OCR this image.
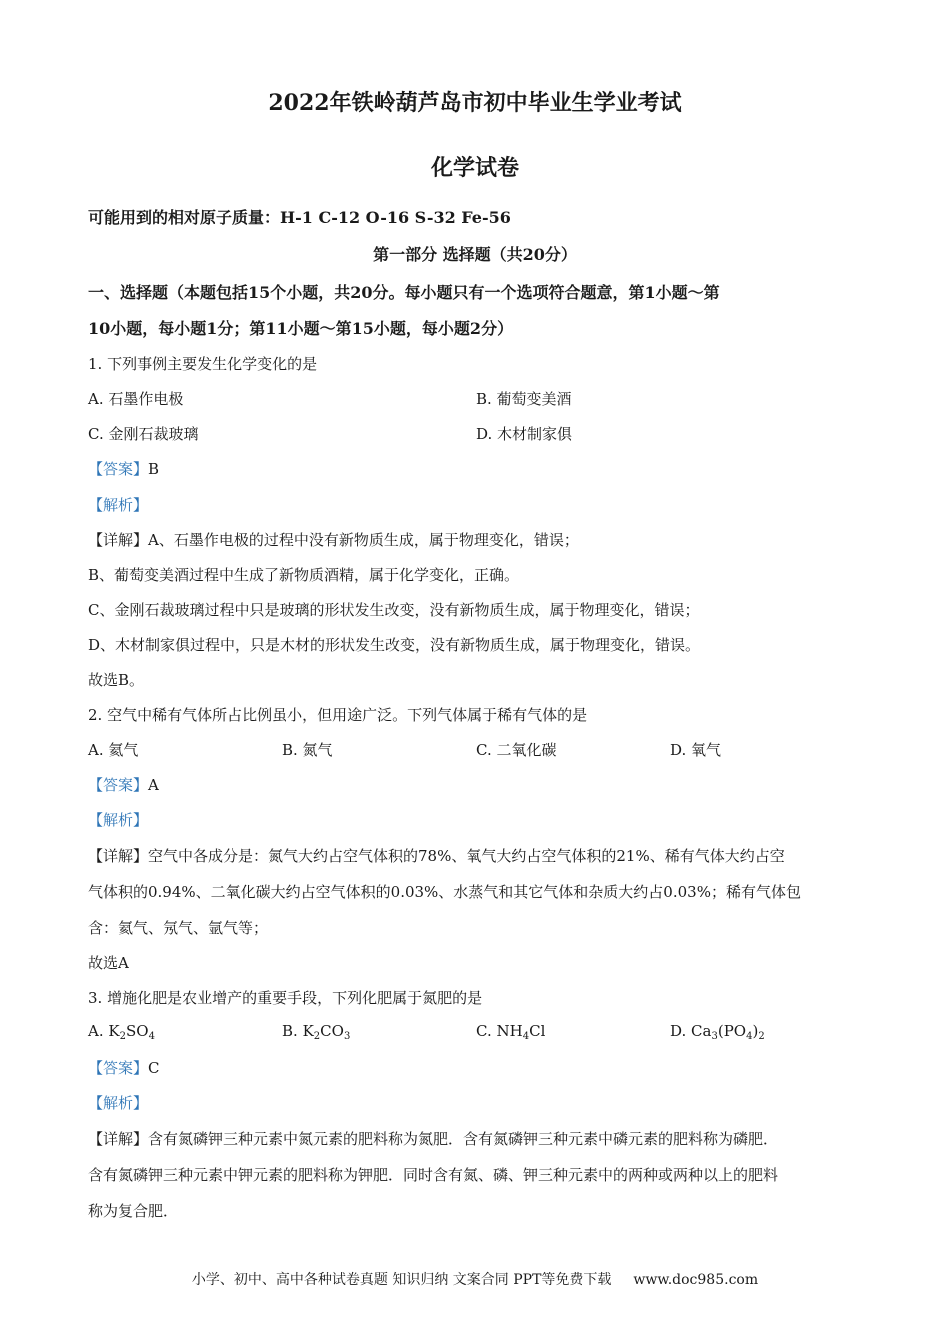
2022年铁岭葫芦岛市初中毕业生学业考试
化学试卷
可能用到的相对原子质量：H-1 C-12 O-16 S-32 Fe-56
第一部分 选择题（共20分）
一、选择题（本题包括15个小题，共20分。每小题只有一个选项符合题意，第1小题～第
10小题，每小题1分；第11小题～第15小题，每小题2分）
1. 下列事例主要发生化学变化的是
A. 石墨作电极	B. 葡萄变美酒
C. 金刚石裁玻璃	D. 木材制家俱
【答案】B
【解析】
【详解】A、石墨作电极的过程中没有新物质生成，属于物理变化，错误；
B、葡萄变美酒过程中生成了新物质酒精，属于化学变化，正确。
C、金刚石裁玻璃过程中只是玻璃的形状发生改变，没有新物质生成，属于物理变化，错误；
D、木材制家俱过程中，只是木材的形状发生改变，没有新物质生成，属于物理变化，错误。
故选B。
2. 空气中稀有气体所占比例虽小，但用途广泛。下列气体属于稀有气体的是
A. 氦气	B. 氮气	C. 二氧化碳	D. 氧气
【答案】A
【解析】
【详解】空气中各成分是：氮气大约占空气体积的78%、氧气大约占空气体积的21%、稀有气体大约占空
气体积的0.94%、二氧化碳大约占空气体积的0.03%、水蒸气和其它气体和杂质大约占0.03%；稀有气体包
含：氦气、氖气、氩气等；
故选A
3. 增施化肥是农业增产的重要手段，下列化肥属于氮肥的是
A. $K_2SO_4$	B. $K_2CO_3$	C. $NH_4Cl$	D. $Ca_3(PO_4)_2$
【答案】C
【解析】
【详解】含有氮磷钾三种元素中氮元素的肥料称为氮肥．含有氮磷钾三种元素中磷元素的肥料称为磷肥．
含有氮磷钾三种元素中钾元素的肥料称为钾肥．同时含有氮、磷、钾三种元素中的两种或两种以上的肥料
称为复合肥．
小学、初中、高中各种试卷真题 知识归纳 文案合同 PPT等免费下载 www.doc985.com
